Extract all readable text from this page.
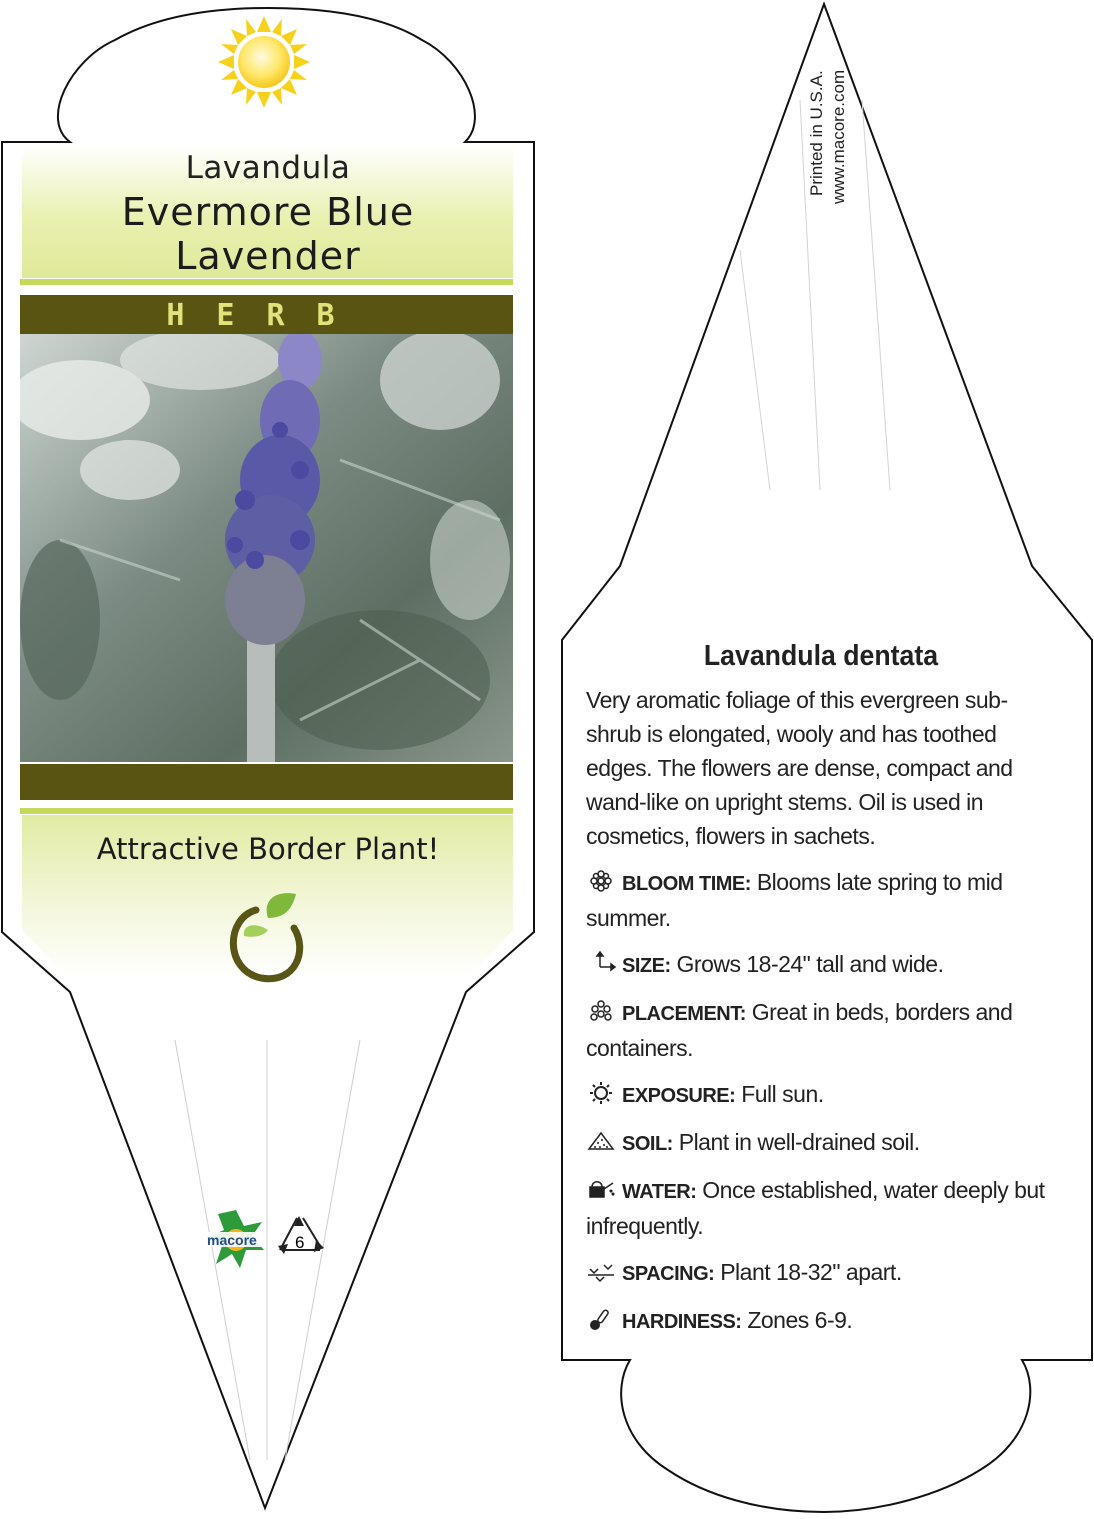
Lavandula
Evermore Blue
Lavender
HERB
Attractive Border Plant!
macore 6
Printed in U.S.A. www.macore.com
Lavandula dentata
Very aromatic foliage of this evergreen sub-shrub is elongated, wooly and has toothed edges. The flowers are dense, compact and wand-like on upright stems. Oil is used in cosmetics, flowers in sachets.
BLOOM TIME: Blooms late spring to mid summer.
SIZE: Grows 18-24" tall and wide.
PLACEMENT: Great in beds, borders and containers.
EXPOSURE: Full sun.
SOIL: Plant in well-drained soil.
WATER: Once established, water deeply but infrequently.
SPACING: Plant 18-32" apart.
HARDINESS: Zones 6-9.
